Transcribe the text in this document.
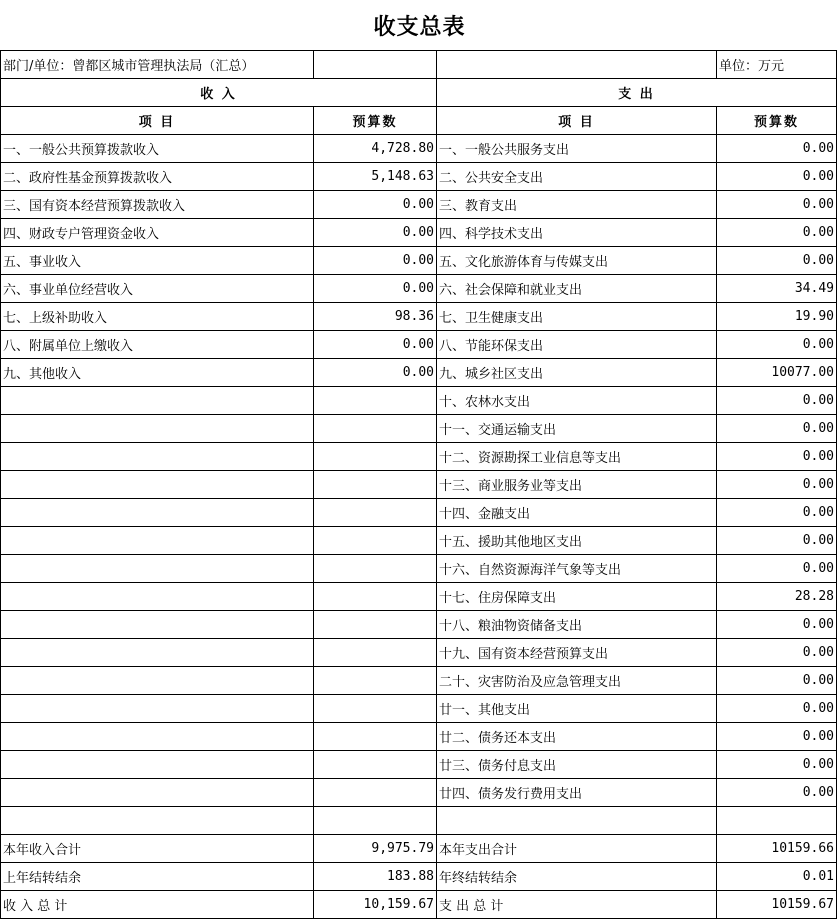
收支总表
部门/单位：曾都区城市管理执法局（汇总）			单位：万元
收 入		支 出	
项 目	预算数	项 目	预算数
一、一般公共预算拨款收入	4,728.80	一、一般公共服务支出	0.00
二、政府性基金预算拨款收入	5,148.63	二、公共安全支出	0.00
三、国有资本经营预算拨款收入	0.00	三、教育支出	0.00
四、财政专户管理资金收入	0.00	四、科学技术支出	0.00
五、事业收入	0.00	五、文化旅游体育与传媒支出	0.00
六、事业单位经营收入	0.00	六、社会保障和就业支出	34.49
七、上级补助收入	98.36	七、卫生健康支出	19.90
八、附属单位上缴收入	0.00	八、节能环保支出	0.00
九、其他收入	0.00	九、城乡社区支出	10077.00
		十、农林水支出	0.00
		十一、交通运输支出	0.00
		十二、资源勘探工业信息等支出	0.00
		十三、商业服务业等支出	0.00
		十四、金融支出	0.00
		十五、援助其他地区支出	0.00
		十六、自然资源海洋气象等支出	0.00
		十七、住房保障支出	28.28
		十八、粮油物资储备支出	0.00
		十九、国有资本经营预算支出	0.00
		二十、灾害防治及应急管理支出	0.00
		廿一、其他支出	0.00
		廿二、债务还本支出	0.00
		廿三、债务付息支出	0.00
		廿四、债务发行费用支出	0.00

本年收入合计	9,975.79	本年支出合计	10159.66
上年结转结余	183.88	年终结转结余	0.01
收 入 总 计	10,159.67	支 出 总 计	10159.67
